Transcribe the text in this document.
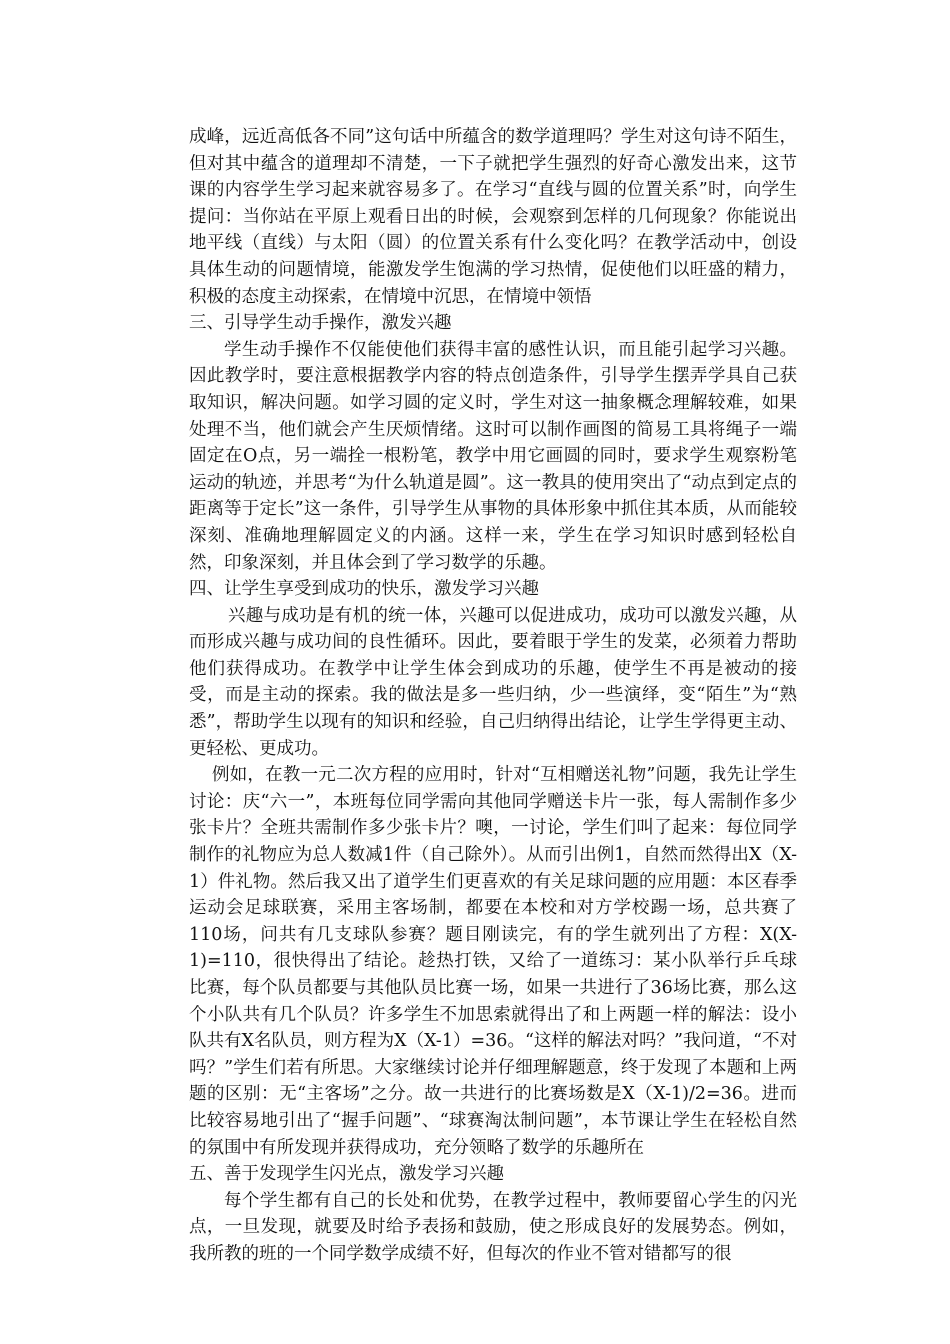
成峰，远近高低各不同”这句话中所蕴含的数学道理吗？学生对这句诗不陌生，但对其中蕴含的道理却不清楚，一下子就把学生强烈的好奇心激发出来，这节课的内容学生学习起来就容易多了。在学习“直线与圆的位置关系”时，向学生提问：当你站在平原上观看日出的时候，会观察到怎样的几何现象？你能说出地平线（直线）与太阳（圆）的位置关系有什么变化吗？在教学活动中，创设具体生动的问题情境，能激发学生饱满的学习热情，促使他们以旺盛的精力，积极的态度主动探索，在情境中沉思，在情境中领悟

三、引导学生动手操作，激发兴趣

学生动手操作不仅能使他们获得丰富的感性认识，而且能引起学习兴趣。因此教学时，要注意根据教学内容的特点创造条件，引导学生摆弄学具自己获取知识，解决问题。如学习圆的定义时，学生对这一抽象概念理解较难，如果处理不当，他们就会产生厌烦情绪。这时可以制作画图的简易工具将绳子一端固定在O点，另一端拴一根粉笔，教学中用它画圆的同时，要求学生观察粉笔运动的轨迹，并思考“为什么轨道是圆”。这一教具的使用突出了“动点到定点的距离等于定长”这一条件，引导学生从事物的具体形象中抓住其本质，从而能较深刻、准确地理解圆定义的内涵。这样一来，学生在学习知识时感到轻松自然，印象深刻，并且体会到了学习数学的乐趣。

四、让学生享受到成功的快乐，激发学习兴趣

兴趣与成功是有机的统一体，兴趣可以促进成功，成功可以激发兴趣，从而形成兴趣与成功间的良性循环。因此，要着眼于学生的发菜，必须着力帮助他们获得成功。在教学中让学生体会到成功的乐趣，使学生不再是被动的接受，而是主动的探索。我的做法是多一些归纳，少一些演绎，变“陌生”为“熟悉”，帮助学生以现有的知识和经验，自己归纳得出结论，让学生学得更主动、更轻松、更成功。

例如，在教一元二次方程的应用时，针对“互相赠送礼物”问题，我先让学生讨论：庆“六一”，本班每位同学需向其他同学赠送卡片一张，每人需制作多少张卡片？全班共需制作多少张卡片？噢，一讨论，学生们叫了起来：每位同学制作的礼物应为总人数减1件（自己除外）。从而引出例1，自然而然得出X（X-1）件礼物。然后我又出了道学生们更喜欢的有关足球问题的应用题：本区春季运动会足球联赛，采用主客场制，都要在本校和对方学校踢一场，总共赛了110场，问共有几支球队参赛？题目刚读完，有的学生就列出了方程：X(X-1)=110，很快得出了结论。趁热打铁，又给了一道练习：某小队举行乒乓球比赛，每个队员都要与其他队员比赛一场，如果一共进行了36场比赛，那么这个小队共有几个队员？许多学生不加思索就得出了和上两题一样的解法：设小队共有X名队员，则方程为X（X-1）=36。“这样的解法对吗？”我问道，“不对吗？”学生们若有所思。大家继续讨论并仔细理解题意，终于发现了本题和上两题的区别：无“主客场”之分。故一共进行的比赛场数是X（X-1)/2=36。进而比较容易地引出了“握手问题”、“球赛淘汰制问题”，本节课让学生在轻松自然的氛围中有所发现并获得成功，充分领略了数学的乐趣所在

五、善于发现学生闪光点，激发学习兴趣

每个学生都有自己的长处和优势，在教学过程中，教师要留心学生的闪光点，一旦发现，就要及时给予表扬和鼓励，使之形成良好的发展势态。例如，我所教的班的一个同学数学成绩不好，但每次的作业不管对错都写的很
